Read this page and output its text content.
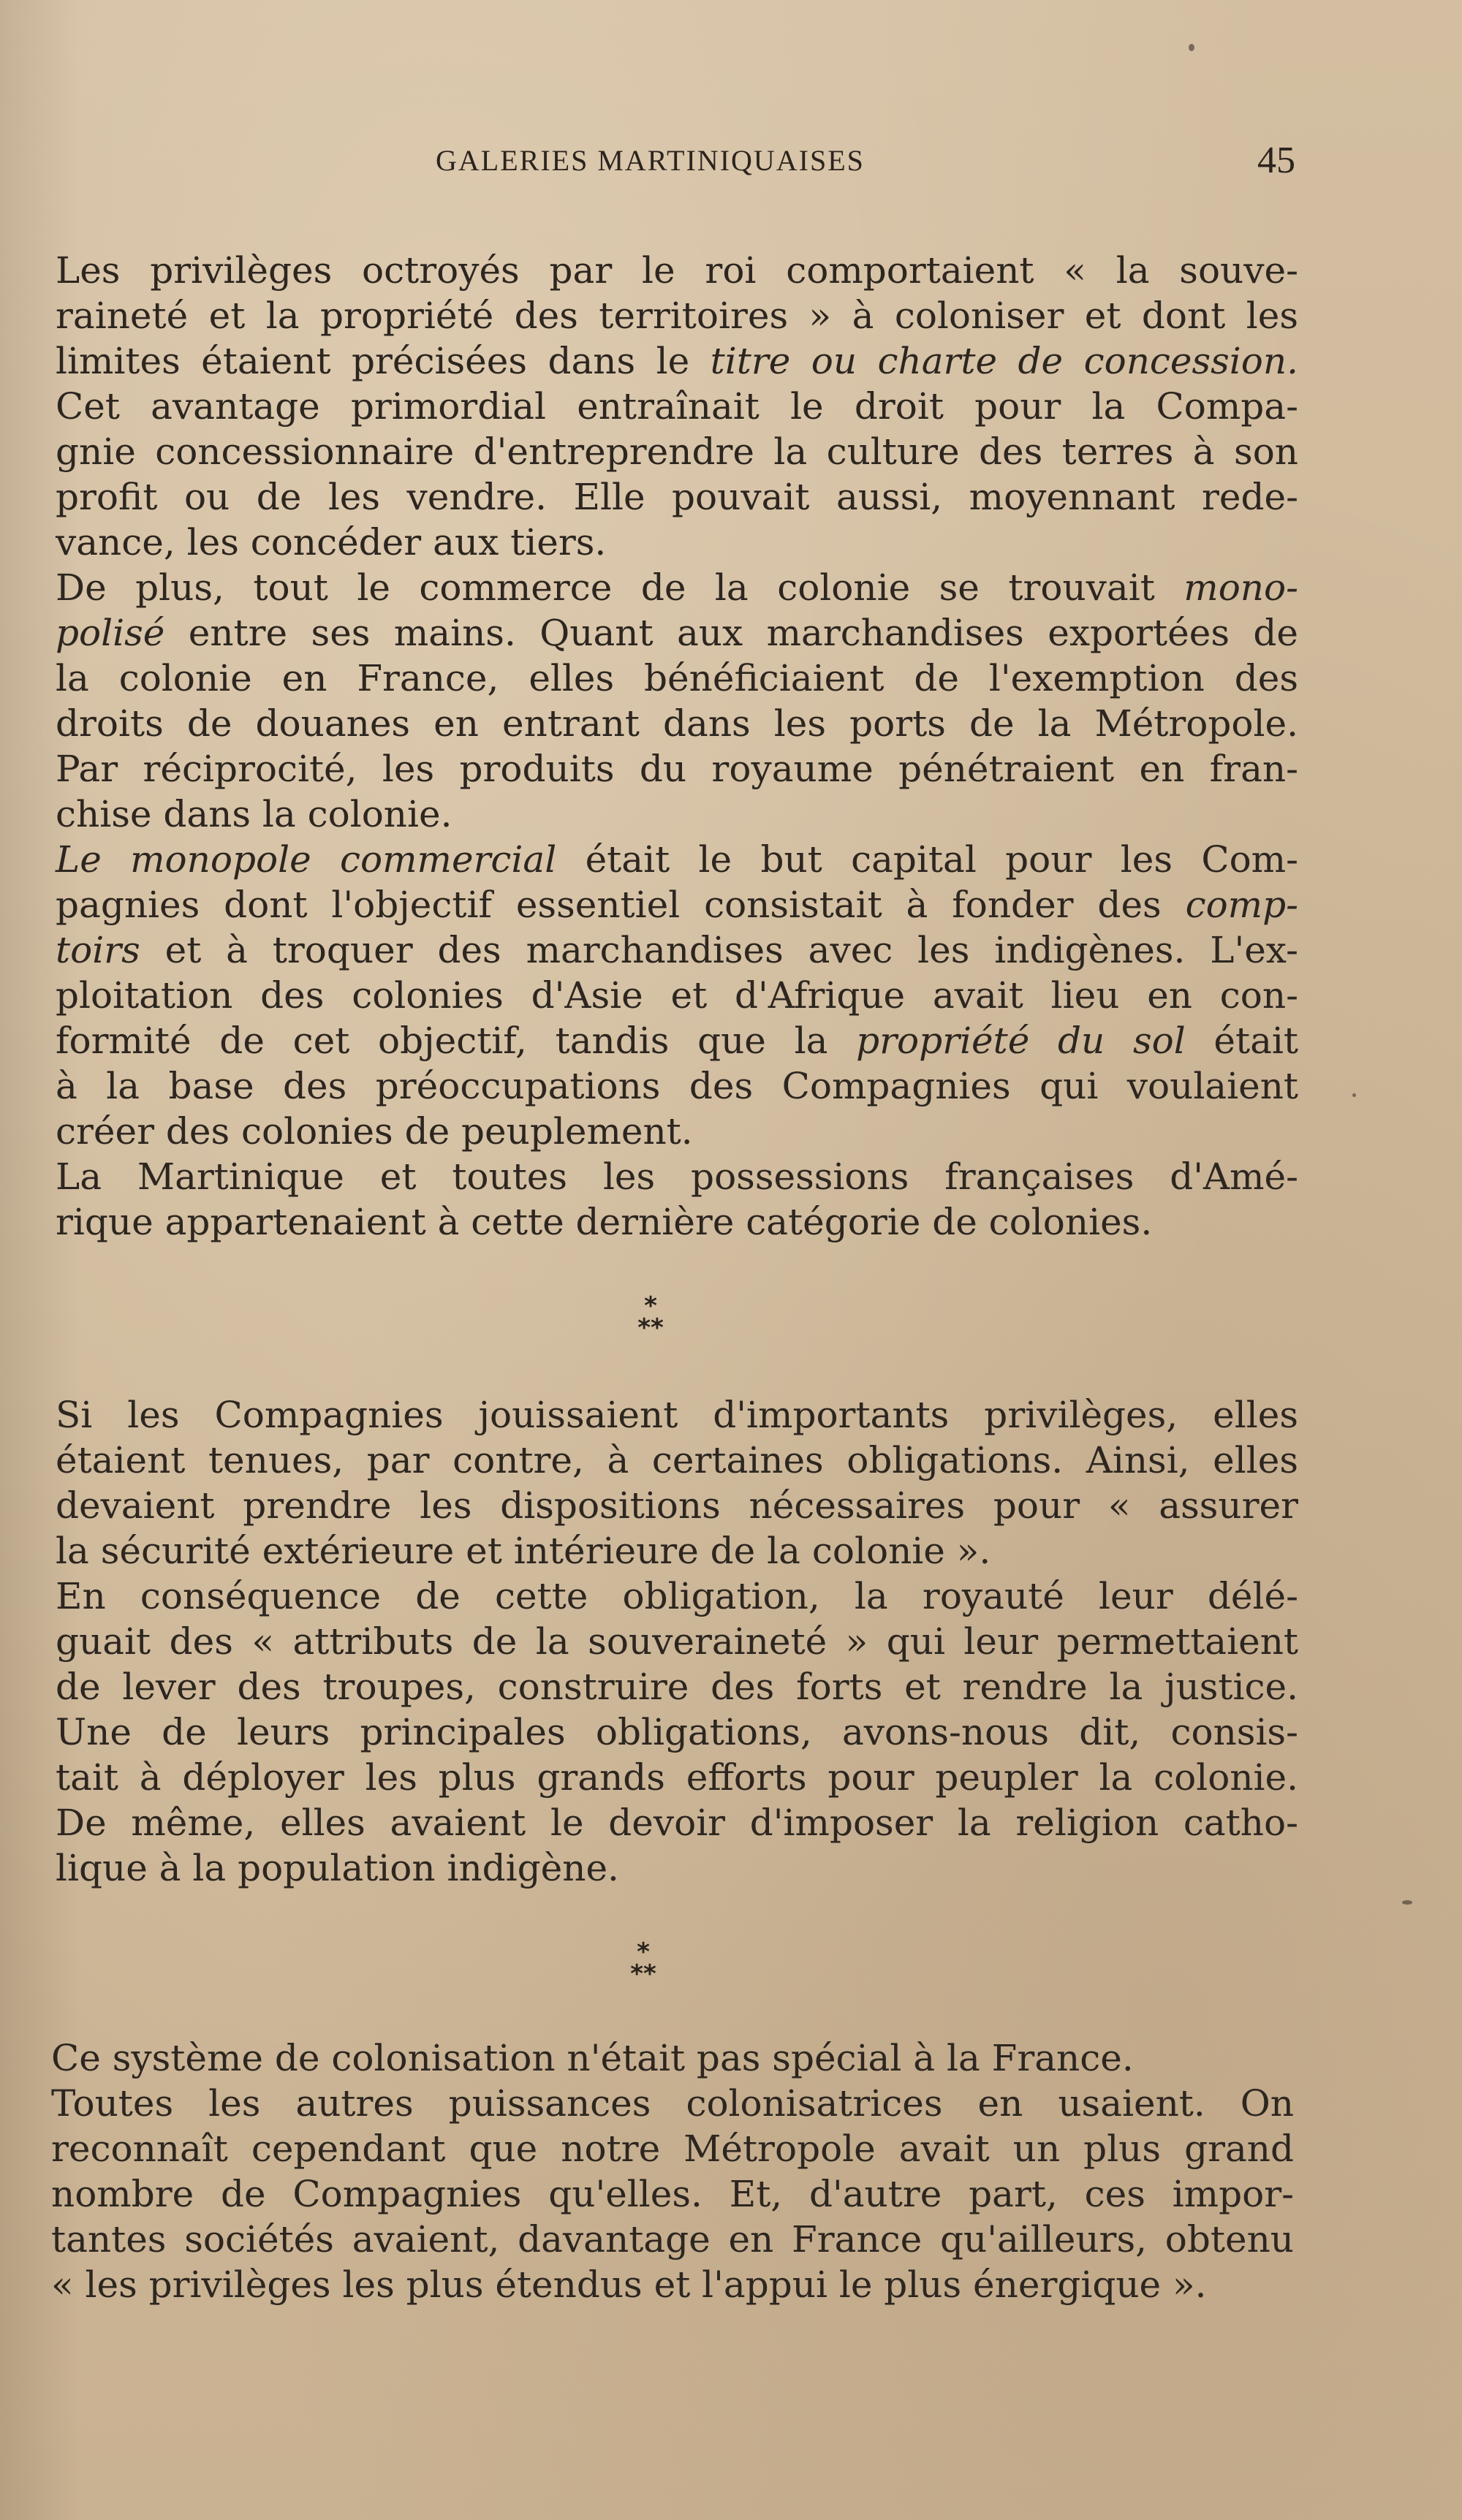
GALERIES MARTINIQUAISES	45
Les privilèges octroyés par le roi comportaient « la souve-
raineté et la propriété des territoires » à coloniser et dont les
limites étaient précisées dans le titre ou charte de concession.
Cet avantage primordial entraînait le droit pour la Compa-
gnie concessionnaire d'entreprendre la culture des terres à son
profit ou de les vendre. Elle pouvait aussi, moyennant rede-
vance, les concéder aux tiers.
De plus, tout le commerce de la colonie se trouvait mono-
polisé entre ses mains. Quant aux marchandises exportées de
la colonie en France, elles bénéficiaient de l'exemption des
droits de douanes en entrant dans les ports de la Métropole.
Par réciprocité, les produits du royaume pénétraient en fran-
chise dans la colonie.
Le monopole commercial était le but capital pour les Com-
pagnies dont l'objectif essentiel consistait à fonder des comp-
toirs et à troquer des marchandises avec les indigènes. L'ex-
ploitation des colonies d'Asie et d'Afrique avait lieu en con-
formité de cet objectif, tandis que la propriété du sol était
à la base des préoccupations des Compagnies qui voulaient
créer des colonies de peuplement.
La Martinique et toutes les possessions françaises d'Amé-
rique appartenaient à cette dernière catégorie de colonies.
Si les Compagnies jouissaient d'importants privilèges, elles
étaient tenues, par contre, à certaines obligations. Ainsi, elles
devaient prendre les dispositions nécessaires pour « assurer
la sécurité extérieure et intérieure de la colonie ».
En conséquence de cette obligation, la royauté leur délé-
guait des « attributs de la souveraineté » qui leur permettaient
de lever des troupes, construire des forts et rendre la justice.
Une de leurs principales obligations, avons-nous dit, consis-
tait à déployer les plus grands efforts pour peupler la colonie.
De même, elles avaient le devoir d'imposer la religion catho-
lique à la population indigène.
Ce système de colonisation n'était pas spécial à la France.
Toutes les autres puissances colonisatrices en usaient. On
reconnaît cependant que notre Métropole avait un plus grand
nombre de Compagnies qu'elles. Et, d'autre part, ces impor-
tantes sociétés avaient, davantage en France qu'ailleurs, obtenu
« les privilèges les plus étendus et l'appui le plus énergique ».
*
**
*
**
